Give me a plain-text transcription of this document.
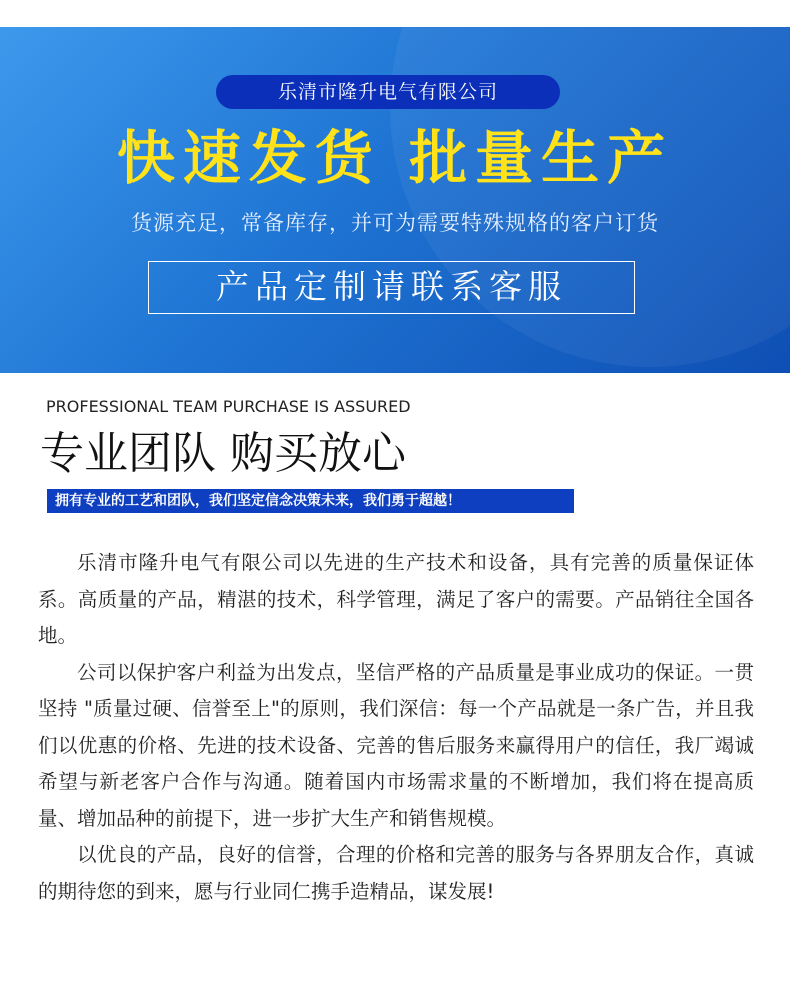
乐清市隆升电气有限公司
快速发货 批量生产
货源充足，常备库存，并可为需要特殊规格的客户订货
产品定制请联系客服
PROFESSIONAL TEAM PURCHASE IS ASSURED
专业团队 购买放心
拥有专业的工艺和团队，我们坚定信念决策未来，我们勇于超越！

乐清市隆升电气有限公司以先进的生产技术和设备，具有完善的质量保证体系。高质量的产品，精湛的技术，科学管理，满足了客户的需要。产品销往全国各地。

公司以保护客户利益为出发点，坚信严格的产品质量是事业成功的保证。一贯坚持 "质量过硬、信誉至上"的原则，我们深信：每一个产品就是一条广告，并且我们以优惠的价格、先进的技术设备、完善的售后服务来赢得用户的信任，我厂竭诚希望与新老客户合作与沟通。随着国内市场需求量的不断增加，我们将在提高质量、增加品种的前提下，进一步扩大生产和销售规模。

以优良的产品，良好的信誉，合理的价格和完善的服务与各界朋友合作，真诚的期待您的到来，愿与行业同仁携手造精品，谋发展!
